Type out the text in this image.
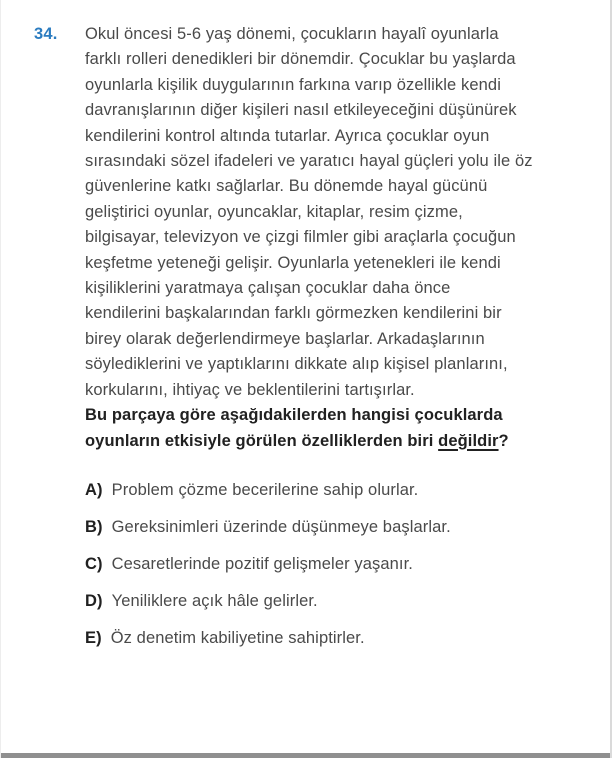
34.	Okul öncesi 5-6 yaş dönemi, çocukların hayalî oyunlarla
farklı rolleri denedikleri bir dönemdir. Çocuklar bu yaşlarda
oyunlarla kişilik duygularının farkına varıp özellikle kendi
davranışlarının diğer kişileri nasıl etkileyeceğini düşünürek
kendilerini kontrol altında tutarlar. Ayrıca çocuklar oyun
sırasındaki sözel ifadeleri ve yaratıcı hayal güçleri yolu ile öz
güvenlerine katkı sağlarlar. Bu dönemde hayal gücünü
geliştirici oyunlar, oyuncaklar, kitaplar, resim çizme,
bilgisayar, televizyon ve çizgi filmler gibi araçlarla çocuğun
keşfetme yeteneği gelişir. Oyunlarla yetenekleri ile kendi
kişiliklerini yaratmaya çalışan çocuklar daha önce
kendilerini başkalarından farklı görmezken kendilerini bir
birey olarak değerlendirmeye başlarlar. Arkadaşlarının
söylediklerini ve yaptıklarını dikkate alıp kişisel planlarını,
korkularını, ihtiyaç ve beklentilerini tartışırlar.
Bu parçaya göre aşağıdakilerden hangisi çocuklarda
oyunların etkisiyle görülen özelliklerden biri değildir?
A) Problem çözme becerilerine sahip olurlar.
B) Gereksinimleri üzerinde düşünmeye başlarlar.
C) Cesaretlerinde pozitif gelişmeler yaşanır.
D) Yeniliklere açık hâle gelirler.
E) Öz denetim kabiliyetine sahiptirler.
